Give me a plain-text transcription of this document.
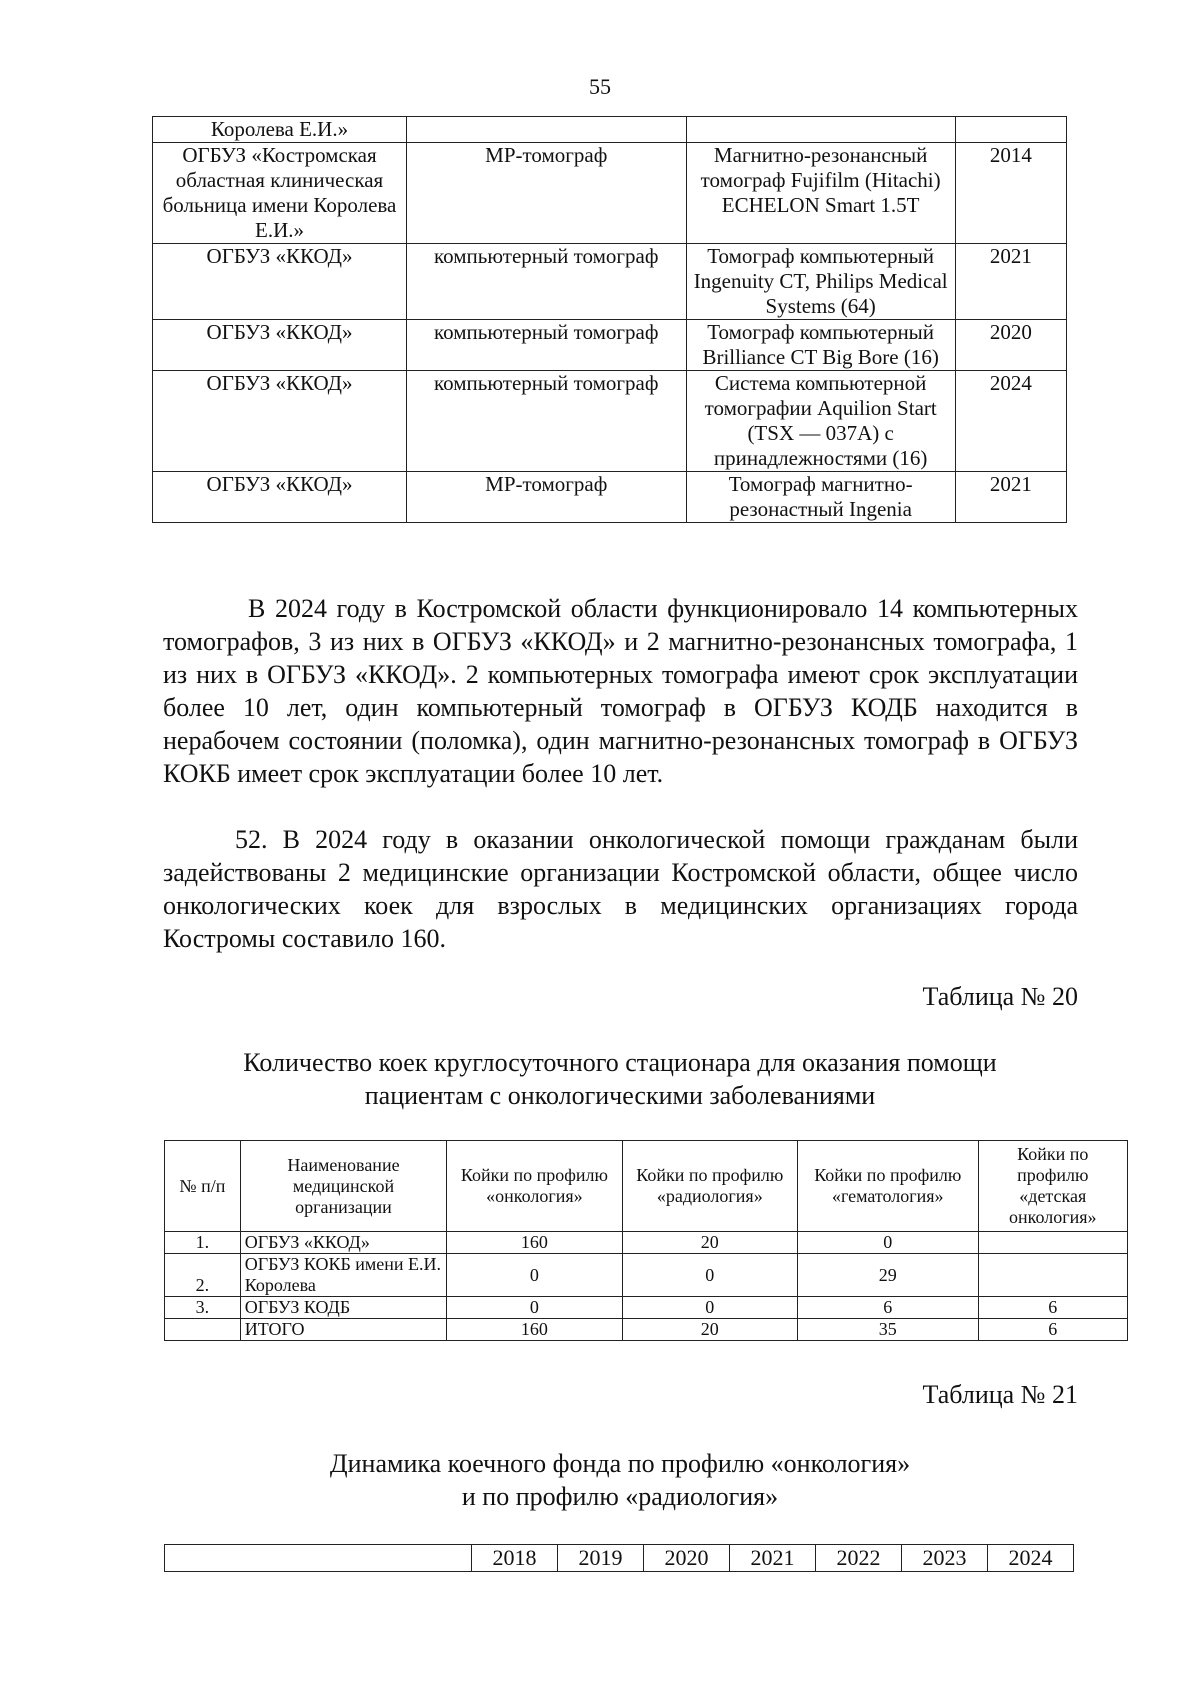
55
Королева Е.И.»			
ОГБУЗ «Костромская областная клиническая больница имени Королева Е.И.»	МР-томограф	Магнитно-резонансный томограф Fujifilm (Hitachi) ECHELON Smart 1.5T	2014
ОГБУЗ «ККОД»	компьютерный томограф	Томограф компьютерный Ingenuity CT, Philips Medical Systems (64)	2021
ОГБУЗ «ККОД»	компьютерный томограф	Томограф компьютерный Brilliance CT Big Bore (16)	2020
ОГБУЗ «ККОД»	компьютерный томограф	Система компьютерной томографии Aquilion Start (TSX — 037A) с принадлежностями (16)	2024
ОГБУЗ «ККОД»	МР-томограф	Томограф магнитно-резонастный Ingenia	2021
В 2024 году в Костромской области функционировало 14 компьютерных томографов, 3 из них в ОГБУЗ «ККОД» и 2 магнитно-резонансных томографа, 1 из них в ОГБУЗ «ККОД». 2 компьютерных томографа имеют срок эксплуатации более 10 лет, один компьютерный томограф в ОГБУЗ КОДБ находится в нерабочем состоянии (поломка), один магнитно-резонансных томограф в ОГБУЗ КОКБ имеет срок эксплуатации более 10 лет.
52. В 2024 году в оказании онкологической помощи гражданам были задействованы 2 медицинские организации Костромской области, общее число онкологических коек для взрослых в медицинских организациях города Костромы составило 160.
Таблица № 20
Количество коек круглосуточного стационара для оказания помощи
пациентам с онкологическими заболеваниями
№ п/п	Наименование медицинской организации	Койки по профилю «онкология»	Койки по профилю «радиология»	Койки по профилю «гематология»	Койки по профилю «детская онкология»
1.	ОГБУЗ «ККОД»	160	20	0	
2.	ОГБУЗ КОКБ имени Е.И. Королева	0	0	29	
3.	ОГБУЗ КОДБ	0	0	6	6
	ИТОГО	160	20	35	6
Таблица № 21
Динамика коечного фонда по профилю «онкология»
и по профилю «радиология»
	2018	2019	2020	2021	2022	2023	2024
